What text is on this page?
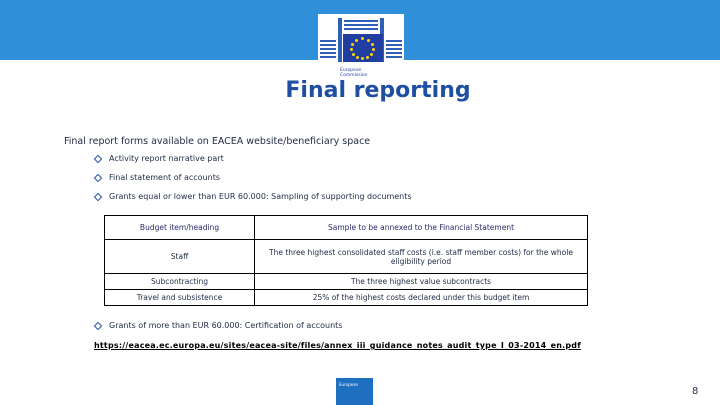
European
Commission
Final reporting
Final report forms available on EACEA website/beneficiary space
Activity report narrative part
Final statement of accounts
Grants equal or lower than EUR 60.000: Sampling of supporting documents
Budget item/heading	Sample to be annexed to the Financial Statement
Staff	The three highest consolidated staff costs (i.e. staff member costs) for the whole eligibility period
Subcontracting	The three highest value subcontracts
Travel and subsistence	25% of the highest costs declared under this budget item
Grants of more than EUR 60.000: Certification of accounts
https://eacea.ec.europa.eu/sites/eacea-site/files/annex_iii_guidance_notes_audit_type_I_03-2014_en.pdf
European
8
